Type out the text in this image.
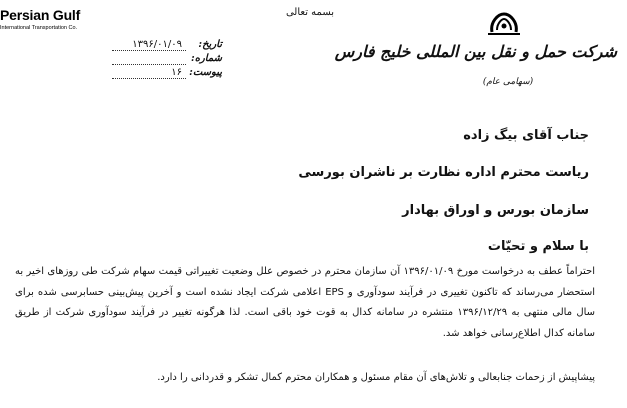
Persian Gulf
International Transportation Co.
بسمه تعالی
تاریخ:
۱۳۹۶/۰۱/۰۹
شماره:
پیوست:
۱۶
شرکت حمل و نقل بین المللی خلیج فارس
(سهامی عام)
جناب آقای بیگ زاده
ریاست محترم اداره نظارت بر ناشران بورسی
سازمان بورس و اوراق بهادار
با سلام و تحیّات
احتراماً عطف به درخواست مورخ ۱۳۹۶/۰۱/۰۹ آن سازمان محترم در خصوص علل وضعیت تغییراتی قیمت سهام شرکت طی روزهای اخیر به استحضار می‌رساند که تاکنون تغییری در فرآیند سودآوری و EPS اعلامی شرکت ایجاد نشده است و آخرین پیش‌بینی حسابرسی شده برای سال مالی منتهی به ۱۳۹۶/۱۲/۲۹ منتشره در سامانه کدال به قوت خود باقی است. لذا هرگونه تغییر در فرآیند سودآوری شرکت از طریق سامانه کدال اطلاع‌رسانی خواهد شد.
پیشاپیش از زحمات جنابعالی و تلاش‌های آن مقام مسئول و همکاران محترم کمال تشکر و قدردانی را دارد.
